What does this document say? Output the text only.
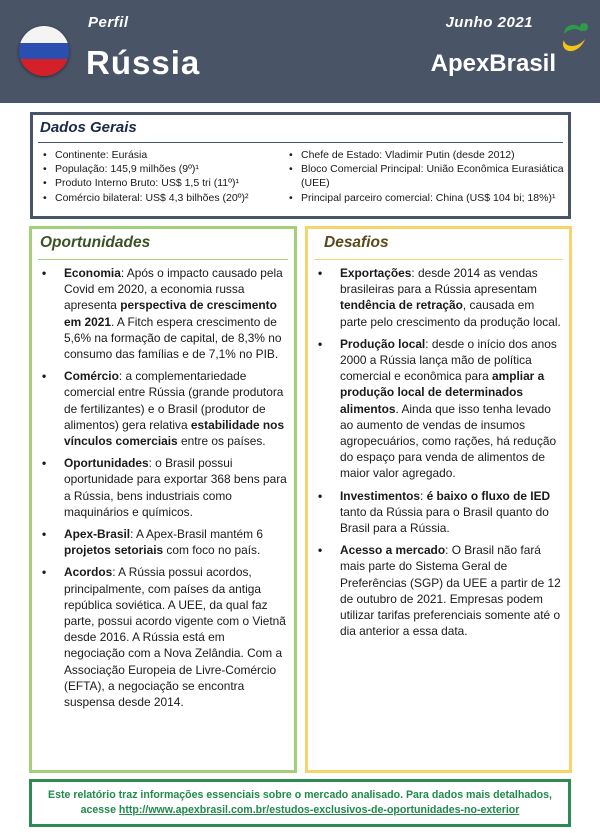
Perfil
Rússia
Junho 2021
ApexBrasil
Dados Gerais
• Continente: Eurásia
• População: 145,9 milhões (9º)¹
• Produto Interno Bruto: US$ 1,5 tri (11º)¹
• Comércio bilateral: US$ 4,3 bilhões (20º)²
• Chefe de Estado: Vladimir Putin (desde 2012)
• Bloco Comercial Principal: União Econômica Eurasiática (UEE)
• Principal parceiro comercial: China (US$ 104 bi; 18%)¹
Oportunidades
• Economia: Após o impacto causado pela Covid em 2020, a economia russa apresenta perspectiva de crescimento em 2021. A Fitch espera crescimento de 5,6% na formação de capital, de 8,3% no consumo das famílias e de 7,1% no PIB.
• Comércio: a complementariedade comercial entre Rússia (grande produtora de fertilizantes) e o Brasil (produtor de alimentos) gera relativa estabilidade nos vínculos comerciais entre os países.
• Oportunidades: o Brasil possui oportunidade para exportar 368 bens para a Rússia, bens industriais como maquinários e químicos.
• Apex-Brasil: A Apex-Brasil mantém 6 projetos setoriais com foco no país.
• Acordos: A Rússia possui acordos, principalmente, com países da antiga república soviética. A UEE, da qual faz parte, possui acordo vigente com o Vietnã desde 2016. A Rússia está em negociação com a Nova Zelândia. Com a Associação Europeia de Livre-Comércio (EFTA), a negociação se encontra suspensa desde 2014.
Desafios
• Exportações: desde 2014 as vendas brasileiras para a Rússia apresentam tendência de retração, causada em parte pelo crescimento da produção local.
• Produção local: desde o início dos anos 2000 a Rússia lança mão de política comercial e econômica para ampliar a produção local de determinados alimentos. Ainda que isso tenha levado ao aumento de vendas de insumos agropecuários, como rações, há redução do espaço para venda de alimentos de maior valor agregado.
• Investimentos: é baixo o fluxo de IED tanto da Rússia para o Brasil quanto do Brasil para a Rússia.
• Acesso a mercado: O Brasil não fará mais parte do Sistema Geral de Preferências (SGP) da UEE a partir de 12 de outubro de 2021. Empresas podem utilizar tarifas preferenciais somente até o dia anterior a essa data.
Este relatório traz informações essenciais sobre o mercado analisado. Para dados mais detalhados,
acesse http://www.apexbrasil.com.br/estudos-exclusivos-de-oportunidades-no-exterior
